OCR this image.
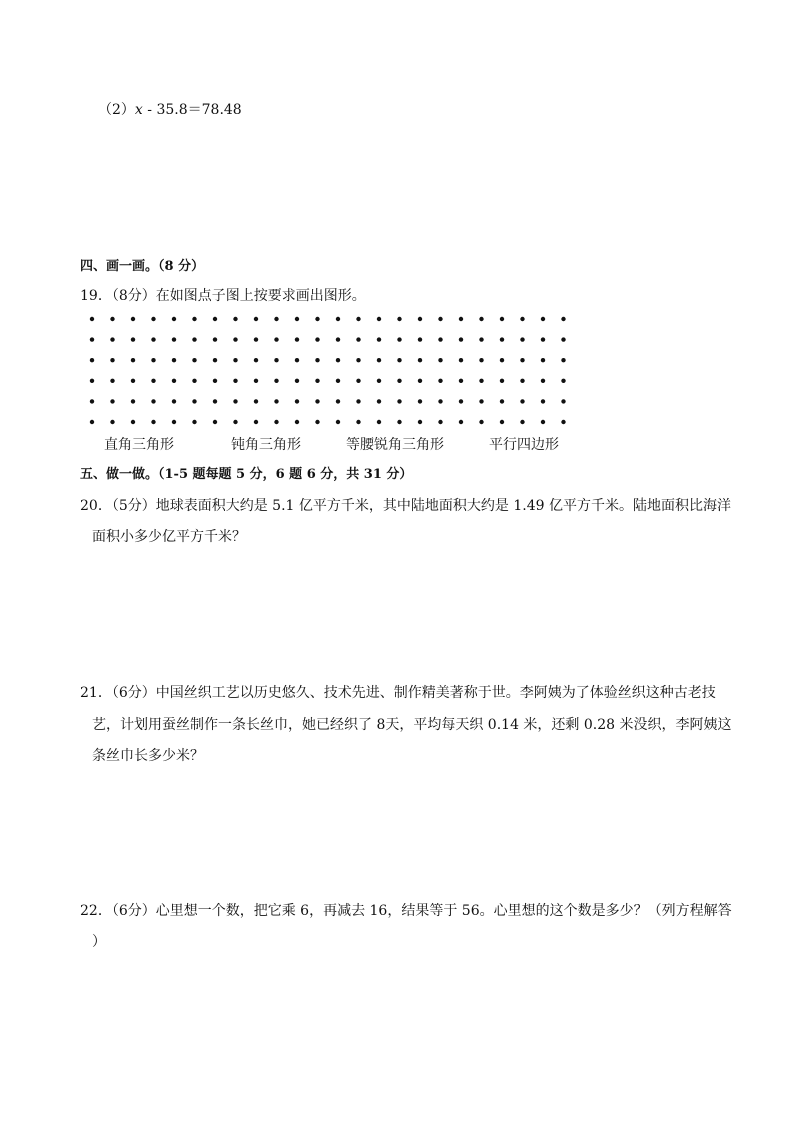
（2）x - 35.8＝78.48
四、画一画。（8 分）
19．（8分）在如图点子图上按要求画出图形。
直角三角形	钝角三角形	等腰锐角三角形	平行四边形
五、做一做。（1-5 题每题 5 分，6 题 6 分，共 31 分）
20．（5分）地球表面积大约是 5.1 亿平方千米，其中陆地面积大约是 1.49 亿平方千米。陆地面积比海洋
面积小多少亿平方千米？
21．（6分）中国丝织工艺以历史悠久、技术先进、制作精美著称于世。李阿姨为了体验丝织这种古老技
艺，计划用蚕丝制作一条长丝巾，她已经织了 8天，平均每天织 0.14 米，还剩 0.28 米没织，李阿姨这
条丝巾长多少米？
22．（6分）心里想一个数，把它乘 6，再减去 16，结果等于 56。心里想的这个数是多少？（列方程解答
）
